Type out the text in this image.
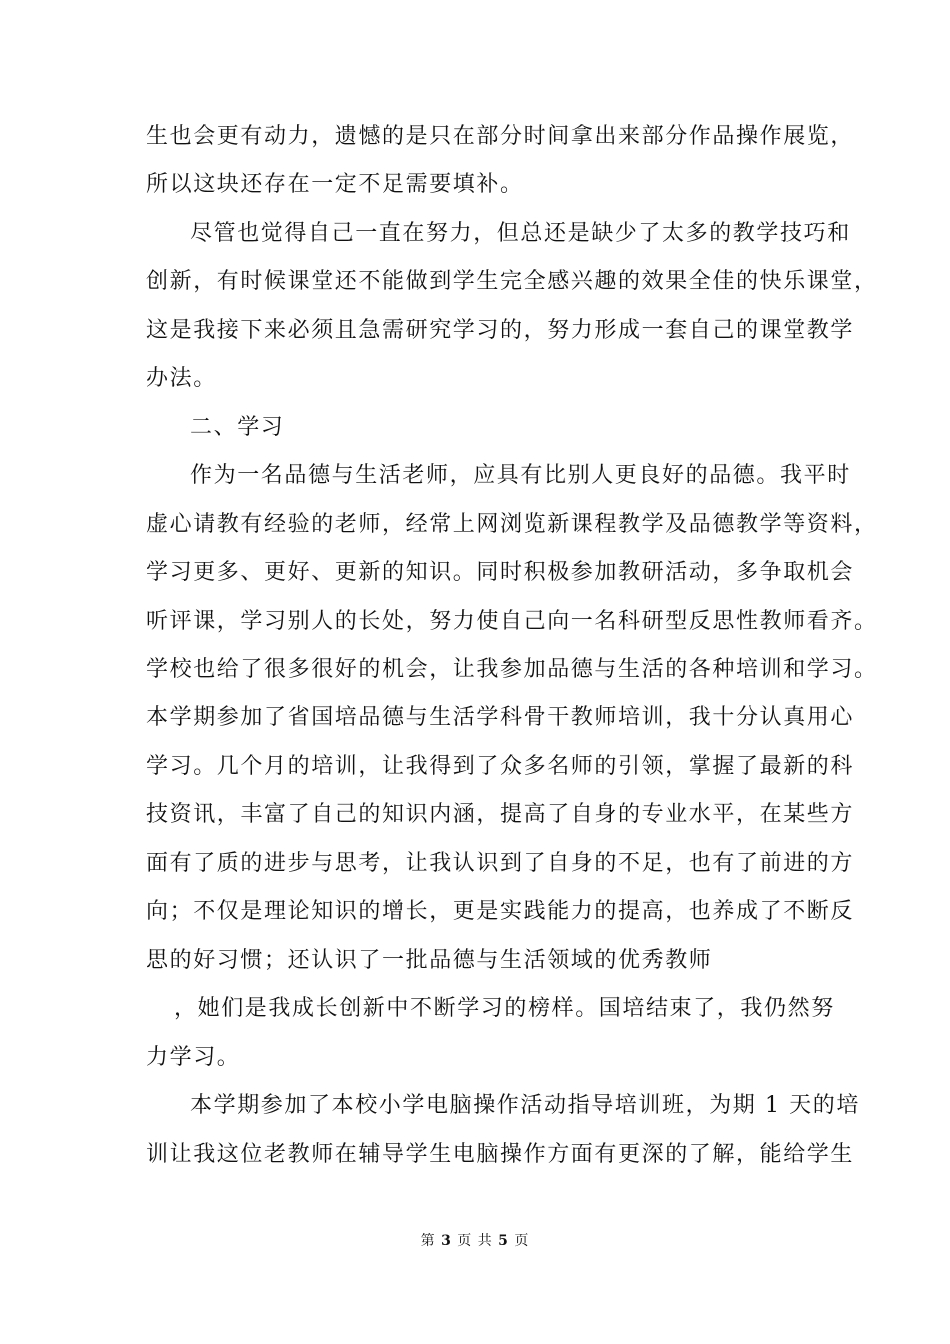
生也会更有动力，遗憾的是只在部分时间拿出来部分作品操作展览，
所以这块还存在一定不足需要填补。
尽管也觉得自己一直在努力，但总还是缺少了太多的教学技巧和
创新，有时候课堂还不能做到学生完全感兴趣的效果全佳的快乐课堂，
这是我接下来必须且急需研究学习的，努力形成一套自己的课堂教学
办法。
二、学习
作为一名品德与生活老师，应具有比别人更良好的品德。我平时
虚心请教有经验的老师，经常上网浏览新课程教学及品德教学等资料，
学习更多、更好、更新的知识。同时积极参加教研活动，多争取机会
听评课，学习别人的长处，努力使自己向一名科研型反思性教师看齐。
学校也给了很多很好的机会，让我参加品德与生活的各种培训和学习。
本学期参加了省国培品德与生活学科骨干教师培训，我十分认真用心
学习。几个月的培训，让我得到了众多名师的引领，掌握了最新的科
技资讯，丰富了自己的知识内涵，提高了自身的专业水平，在某些方
面有了质的进步与思考，让我认识到了自身的不足，也有了前进的方
向；不仅是理论知识的增长，更是实践能力的提高，也养成了不断反
思的好习惯；还认识了一批品德与生活领域的优秀教师
，她们是我成长创新中不断学习的榜样。国培结束了，我仍然努
力学习。
本学期参加了本校小学电脑操作活动指导培训班，为期 1 天的培
训让我这位老教师在辅导学生电脑操作方面有更深的了解，能给学生
第 3 页 共 5 页
